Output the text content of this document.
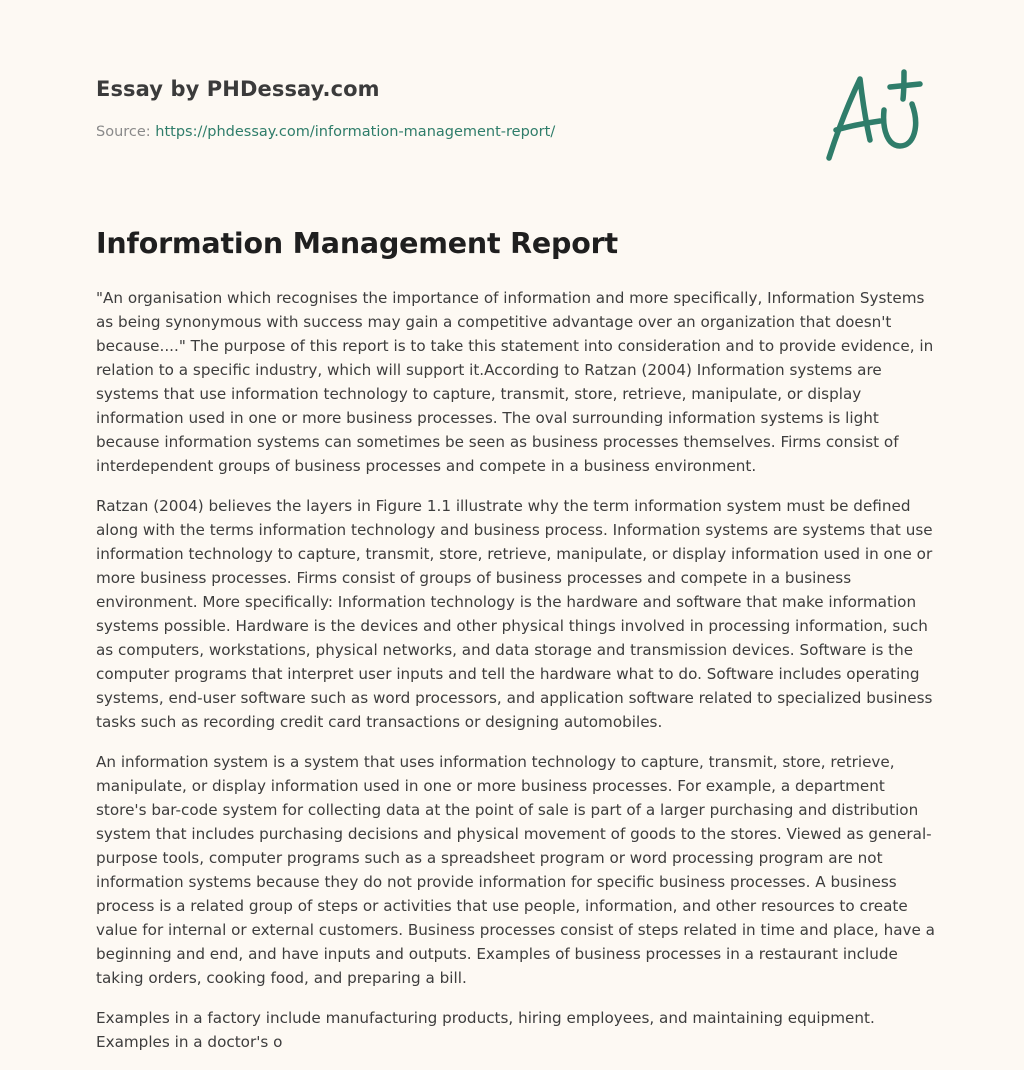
Essay by PHDessay.com
Source: https://phdessay.com/information-management-report/
Information Management Report

"An organisation which recognises the importance of information and more specifically, Information Systems as being synonymous with success may gain a competitive advantage over an organization that doesn't because...." The purpose of this report is to take this statement into consideration and to provide evidence, in relation to a specific industry, which will support it.According to Ratzan (2004) Information systems are systems that use information technology to capture, transmit, store, retrieve, manipulate, or display information used in one or more business processes. The oval surrounding information systems is light because information systems can sometimes be seen as business processes themselves. Firms consist of interdependent groups of business processes and compete in a business environment.

Ratzan (2004) believes the layers in Figure 1.1 illustrate why the term information system must be defined along with the terms information technology and business process. Information systems are systems that use information technology to capture, transmit, store, retrieve, manipulate, or display information used in one or more business processes. Firms consist of groups of business processes and compete in a business environment. More specifically: Information technology is the hardware and software that make information systems possible. Hardware is the devices and other physical things involved in processing information, such as computers, workstations, physical networks, and data storage and transmission devices. Software is the computer programs that interpret user inputs and tell the hardware what to do. Software includes operating systems, end-user software such as word processors, and application software related to specialized business tasks such as recording credit card transactions or designing automobiles.

An information system is a system that uses information technology to capture, transmit, store, retrieve, manipulate, or display information used in one or more business processes. For example, a department store's bar-code system for collecting data at the point of sale is part of a larger purchasing and distribution system that includes purchasing decisions and physical movement of goods to the stores. Viewed as general-purpose tools, computer programs such as a spreadsheet program or word processing program are not information systems because they do not provide information for specific business processes. A business process is a related group of steps or activities that use people, information, and other resources to create value for internal or external customers. Business processes consist of steps related in time and place, have a beginning and end, and have inputs and outputs. Examples of business processes in a restaurant include taking orders, cooking food, and preparing a bill.

Examples in a factory include manufacturing products, hiring employees, and maintaining equipment. Examples in a doctor's o
